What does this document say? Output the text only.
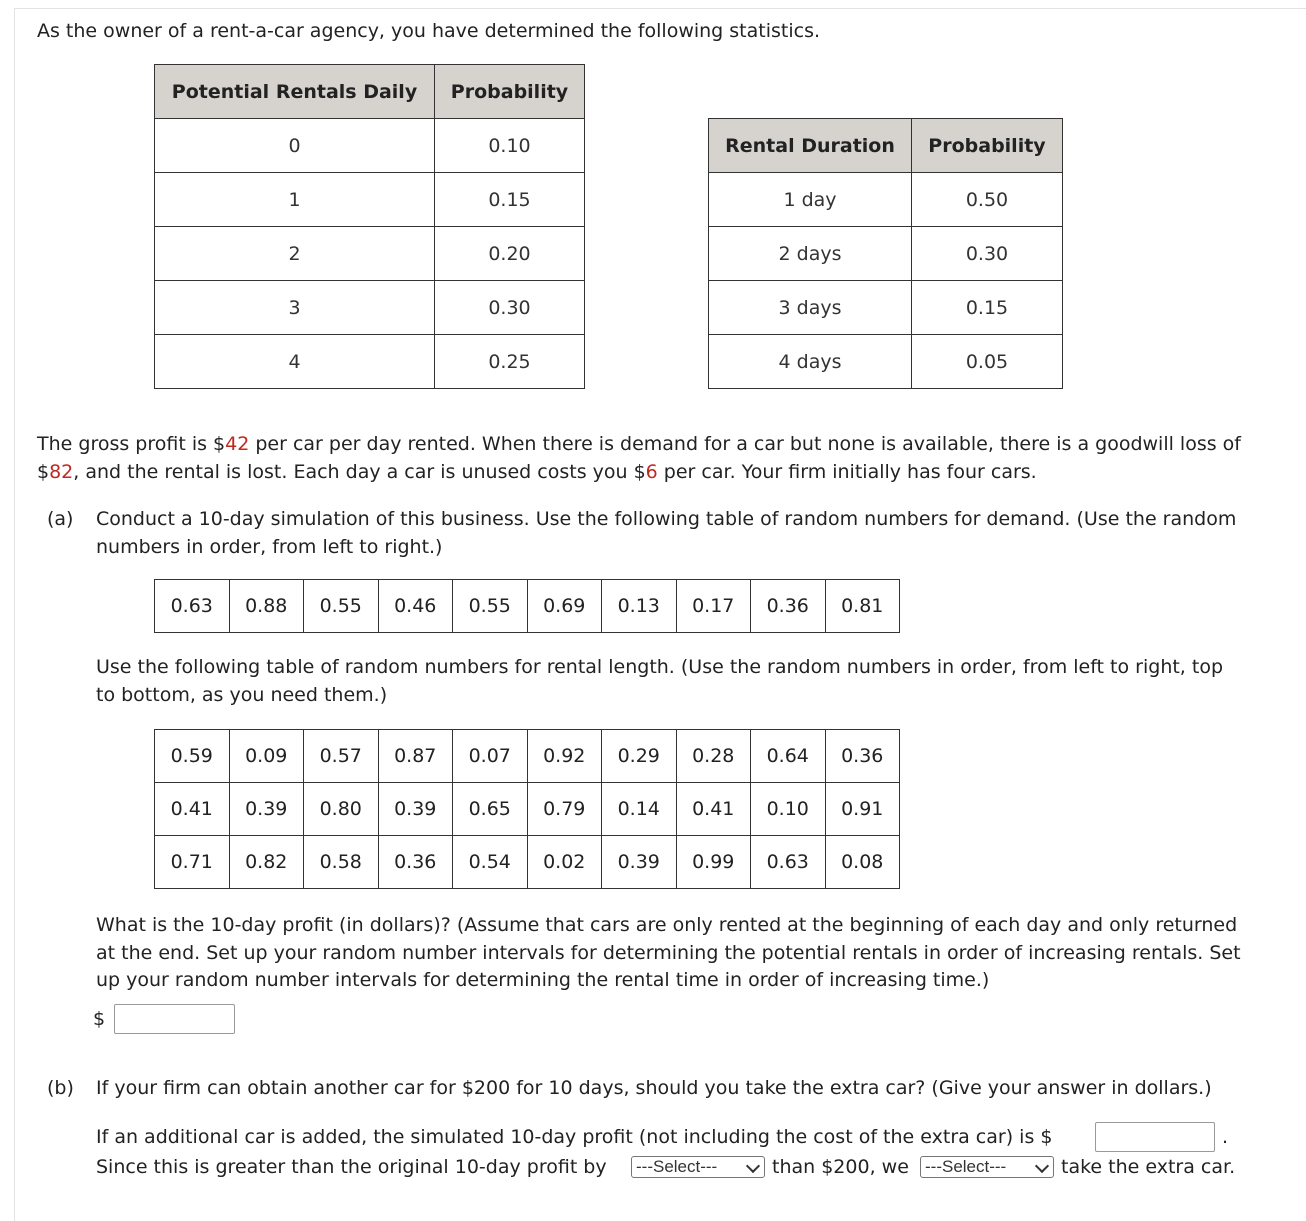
As the owner of a rent-a-car agency, you have determined the following statistics.
Potential Rentals Daily	Probability
0	0.10
1	0.15
2	0.20
3	0.30
4	0.25
Rental Duration	Probability
1 day	0.50
2 days	0.30
3 days	0.15
4 days	0.05
The gross profit is $42 per car per day rented. When there is demand for a car but none is available, there is a goodwill loss of
$82, and the rental is lost. Each day a car is unused costs you $6 per car. Your firm initially has four cars.
(a) Conduct a 10-day simulation of this business. Use the following table of random numbers for demand. (Use the random
numbers in order, from left to right.)
0.63	0.88	0.55	0.46	0.55	0.69	0.13	0.17	0.36	0.81
Use the following table of random numbers for rental length. (Use the random numbers in order, from left to right, top
to bottom, as you need them.)
0.59	0.09	0.57	0.87	0.07	0.92	0.29	0.28	0.64	0.36
0.41	0.39	0.80	0.39	0.65	0.79	0.14	0.41	0.10	0.91
0.71	0.82	0.58	0.36	0.54	0.02	0.39	0.99	0.63	0.08
What is the 10-day profit (in dollars)? (Assume that cars are only rented at the beginning of each day and only returned
at the end. Set up your random number intervals for determining the potential rentals in order of increasing rentals. Set
up your random number intervals for determining the rental time in order of increasing time.)
$
(b) If your firm can obtain another car for $200 for 10 days, should you take the extra car? (Give your answer in dollars.)
If an additional car is added, the simulated 10-day profit (not including the cost of the extra car) is $	.
Since this is greater than the original 10-day profit by ---Select---	than $200, we ---Select---	take the extra car.
